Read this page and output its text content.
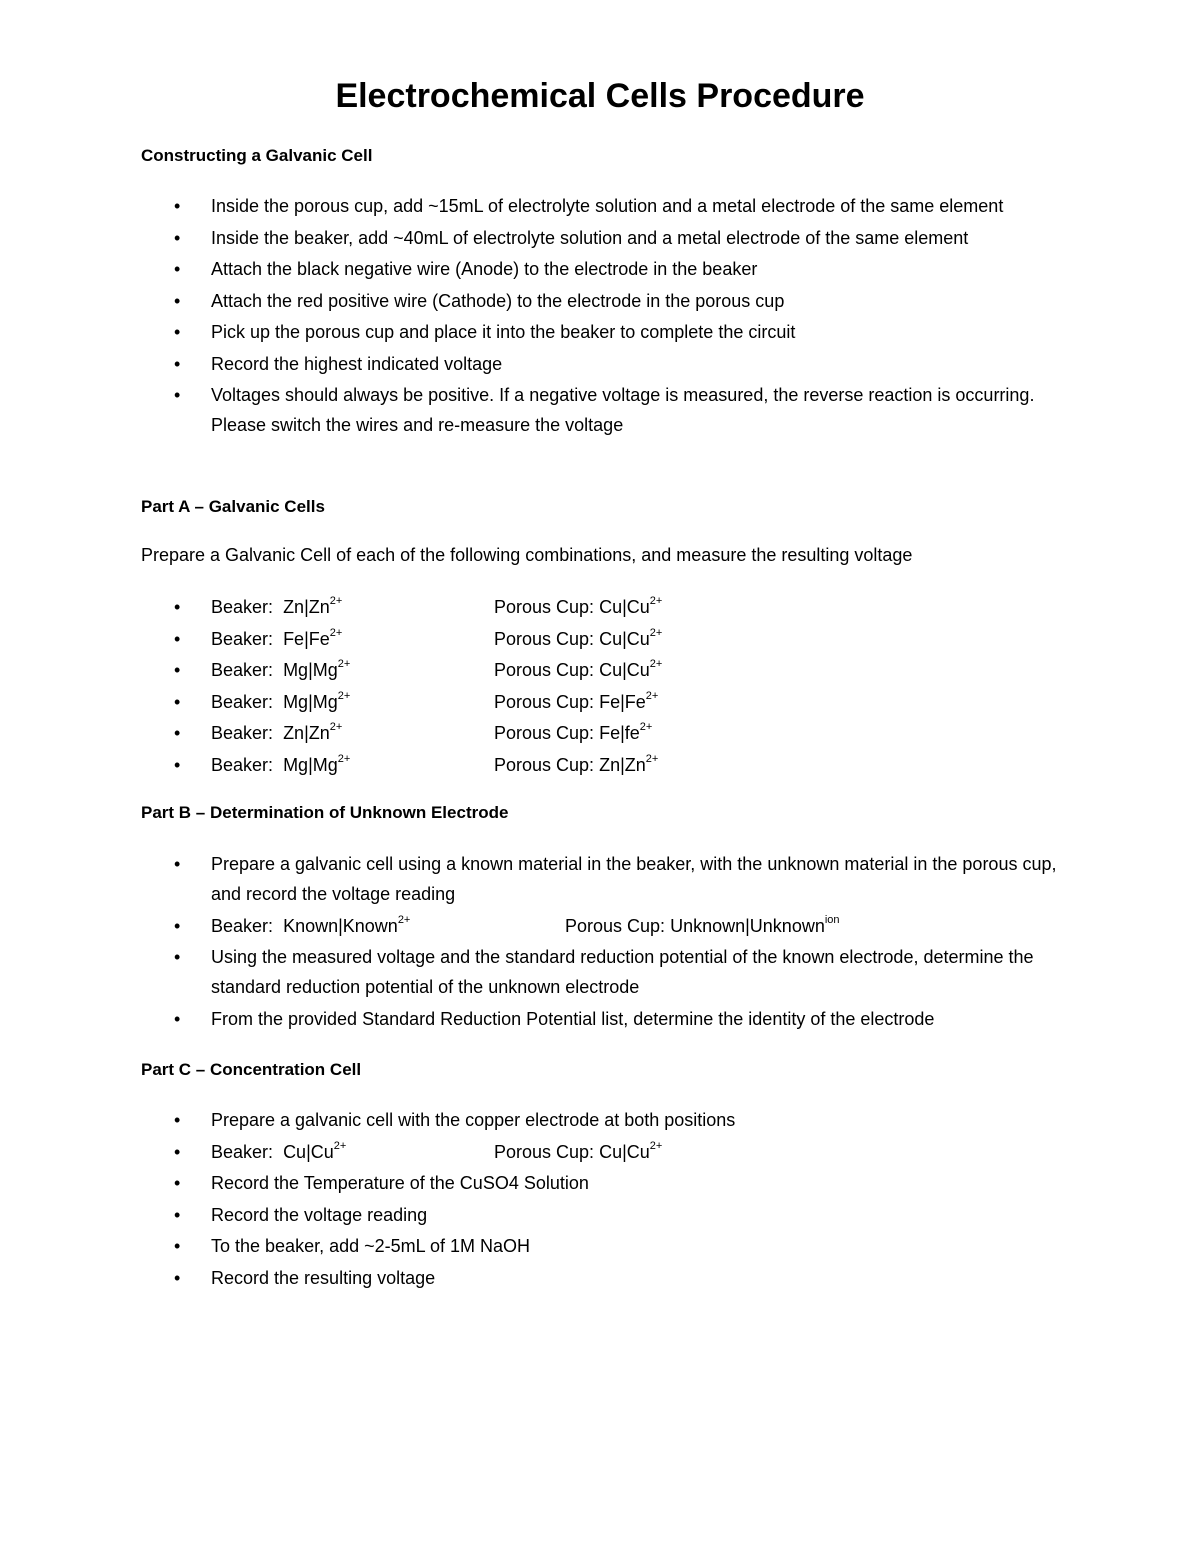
Electrochemical Cells Procedure
Constructing a Galvanic Cell
• Inside the porous cup, add ~15mL of electrolyte solution and a metal electrode of the same element
• Inside the beaker, add ~40mL of electrolyte solution and a metal electrode of the same element
• Attach the black negative wire (Anode) to the electrode in the beaker
• Attach the red positive wire (Cathode) to the electrode in the porous cup
• Pick up the porous cup and place it into the beaker to complete the circuit
• Record the highest indicated voltage
• Voltages should always be positive. If a negative voltage is measured, the reverse reaction is occurring. Please switch the wires and re-measure the voltage
Part A – Galvanic Cells
Prepare a Galvanic Cell of each of the following combinations, and measure the resulting voltage
• Beaker: $Zn|Zn^{2+}$	Porous Cup: $Cu|Cu^{2+}$
• Beaker: $Fe|Fe^{2+}$	Porous Cup: $Cu|Cu^{2+}$
• Beaker: $Mg|Mg^{2+}$	Porous Cup: $Cu|Cu^{2+}$
• Beaker: $Mg|Mg^{2+}$	Porous Cup: $Fe|Fe^{2+}$
• Beaker: $Zn|Zn^{2+}$	Porous Cup: $Fe|fe^{2+}$
• Beaker: $Mg|Mg^{2+}$	Porous Cup: $Zn|Zn^{2+}$
Part B – Determination of Unknown Electrode
• Prepare a galvanic cell using a known material in the beaker, with the unknown material in the porous cup, and record the voltage reading
• Beaker: Known|Known$^{2+}$	Porous Cup: Unknown|Unknown$^{ion}$
• Using the measured voltage and the standard reduction potential of the known electrode, determine the standard reduction potential of the unknown electrode
• From the provided Standard Reduction Potential list, determine the identity of the electrode
Part C – Concentration Cell
• Prepare a galvanic cell with the copper electrode at both positions
• Beaker: $Cu|Cu^{2+}$	Porous Cup: $Cu|Cu^{2+}$
• Record the Temperature of the CuSO4 Solution
• Record the voltage reading
• To the beaker, add ~2-5mL of 1M NaOH
• Record the resulting voltage
